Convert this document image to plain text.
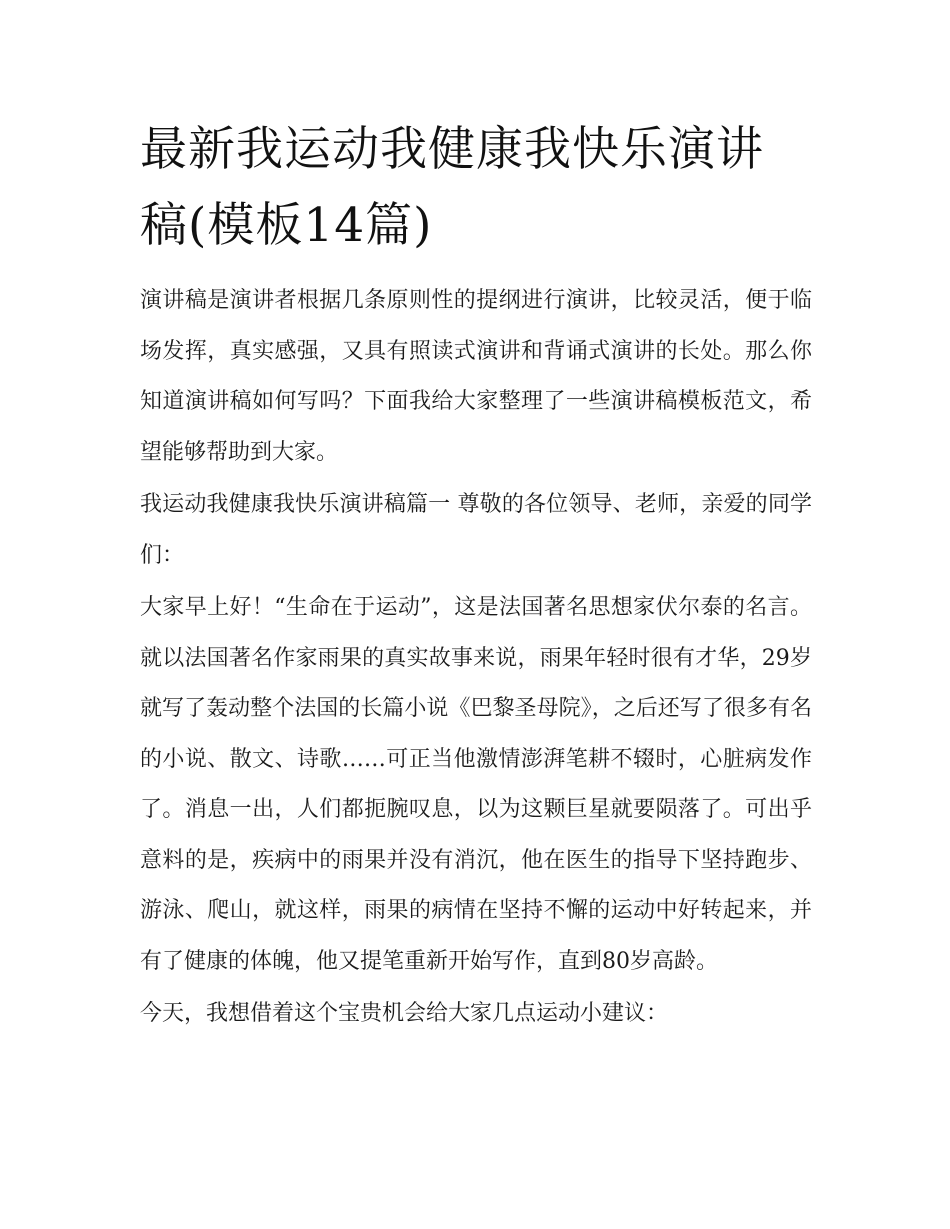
最新我运动我健康我快乐演讲稿(模板14篇)

演讲稿是演讲者根据几条原则性的提纲进行演讲，比较灵活，便于临场发挥，真实感强，又具有照读式演讲和背诵式演讲的长处。那么你知道演讲稿如何写吗？下面我给大家整理了一些演讲稿模板范文，希望能够帮助到大家。

我运动我健康我快乐演讲稿篇一 尊敬的各位领导、老师，亲爱的同学们：

大家早上好！“生命在于运动”，这是法国著名思想家伏尔泰的名言。就以法国著名作家雨果的真实故事来说，雨果年轻时很有才华，29岁就写了轰动整个法国的长篇小说《巴黎圣母院》，之后还写了很多有名的小说、散文、诗歌……可正当他激情澎湃笔耕不辍时，心脏病发作了。消息一出，人们都扼腕叹息，以为这颗巨星就要陨落了。可出乎意料的是，疾病中的雨果并没有消沉，他在医生的指导下坚持跑步、游泳、爬山，就这样，雨果的病情在坚持不懈的运动中好转起来，并有了健康的体魄，他又提笔重新开始写作，直到80岁高龄。

今天，我想借着这个宝贵机会给大家几点运动小建议：
